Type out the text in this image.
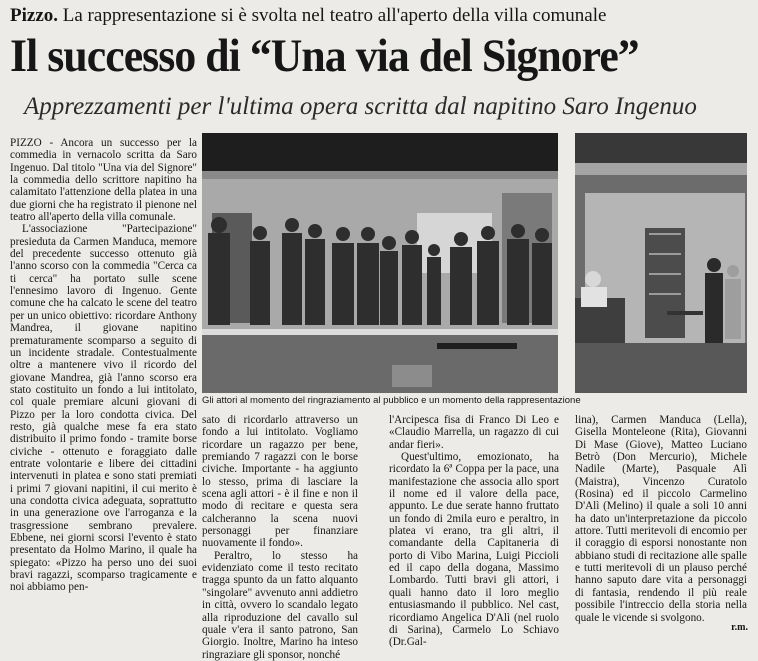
Pizzo. La rappresentazione si è svolta nel teatro all'aperto della villa comunale
Il successo di “Una via del Signore”
Apprezzamenti per l'ultima opera scritta dal napitino Saro Ingenuo

PIZZO - Ancora un successo per la commedia in vernacolo scritta da Saro Ingenuo. Dal titolo "Una via del Signore" la commedia dello scrittore napitino ha calamitato l'attenzione della platea in una due giorni che ha registrato il pienone nel teatro all'aperto della villa comunale.

L'associazione "Partecipazione" presieduta da Carmen Manduca, memore del precedente successo ottenuto già l'anno scorso con la commedia "Cerca ca ti cerca" ha portato sulle scene l'ennesimo lavoro di Ingenuo. Gente comune che ha calcato le scene del teatro per un unico obiettivo: ricordare Anthony Mandrea, il giovane napitino prematuramente scomparso a seguito di un incidente stradale. Contestualmente oltre a mantenere vivo il ricordo del giovane Mandrea, già l'anno scorso era stato costituito un fondo a lui intitolato, col quale premiare alcuni giovani di Pizzo per la loro condotta civica. Del resto, già qualche mese fa era stato distribuito il primo fondo - tramite borse civiche - ottenuto e foraggiato dalle entrate volontarie e libere dei cittadini intervenuti in platea e sono stati premiati i primi 7 giovani napitini, il cui merito è una condotta civica adeguata, soprattutto in una generazione ove l'arroganza e la trasgressione sembrano prevalere. Ebbene, nei giorni scorsi l'evento è stato presentato da Holmo Marino, il quale ha spiegato: «Pizzo ha perso uno dei suoi bravi ragazzi, scomparso tragicamente e noi abbiamo pen-

Gli attori al momento del ringraziamento al pubblico e un momento della rappresentazione

sato di ricordarlo attraverso un fondo a lui intitolato. Vogliamo ricordare un ragazzo per bene, premiando 7 ragazzi con le borse civiche. Importante - ha aggiunto lo stesso, prima di lasciare la scena agli attori - è il fine e non il modo di recitare e questa sera calcheranno la scena nuovi personaggi per finanziare nuovamente il fondo».

Peraltro, lo stesso ha evidenziato come il testo recitato tragga spunto da un fatto alquanto "singolare" avvenuto anni addietro in città, ovvero lo scandalo legato alla riproduzione del cavallo sul quale v'era il santo patrono, San Giorgio. Inoltre, Marino ha inteso ringraziare gli sponsor, nonché

l'Arcipesca fisa di Franco Di Leo e «Claudio Marrella, un ragazzo di cui andar fieri».

Quest'ultimo, emozionato, ha ricordato la 6ª Coppa per la pace, una manifestazione che associa allo sport il nome ed il valore della pace, appunto. Le due serate hanno fruttato un fondo di 2mila euro e peraltro, in platea vi erano, tra gli altri, il comandante della Capitaneria di porto di Vibo Marina, Luigi Piccioli ed il capo della dogana, Massimo Lombardo. Tutti bravi gli attori, i quali hanno dato il loro meglio entusiasmando il pubblico. Nel cast, ricordiamo Angelica D'Alì (nel ruolo di Sarina), Carmelo Lo Schiavo (Dr.Gal-

lina), Carmen Manduca (Lella), Gisella Monteleone (Rita), Giovanni Di Mase (Giove), Matteo Luciano Betrò (Don Mercurio), Michele Nadile (Marte), Pasquale Alì (Maistra), Vincenzo Curatolo (Rosina) ed il piccolo Carmelino D'Alì (Melino) il quale a soli 10 anni ha dato un'interpretazione da piccolo attore. Tutti meritevoli di encomio per il coraggio di esporsi nonostante non abbiano studi di recitazione alle spalle e tutti meritevoli di un plauso perché hanno saputo dare vita a personaggi di fantasia, rendendo il più reale possibile l'intreccio della storia nella quale le vicende si svolgono.

r.m.
